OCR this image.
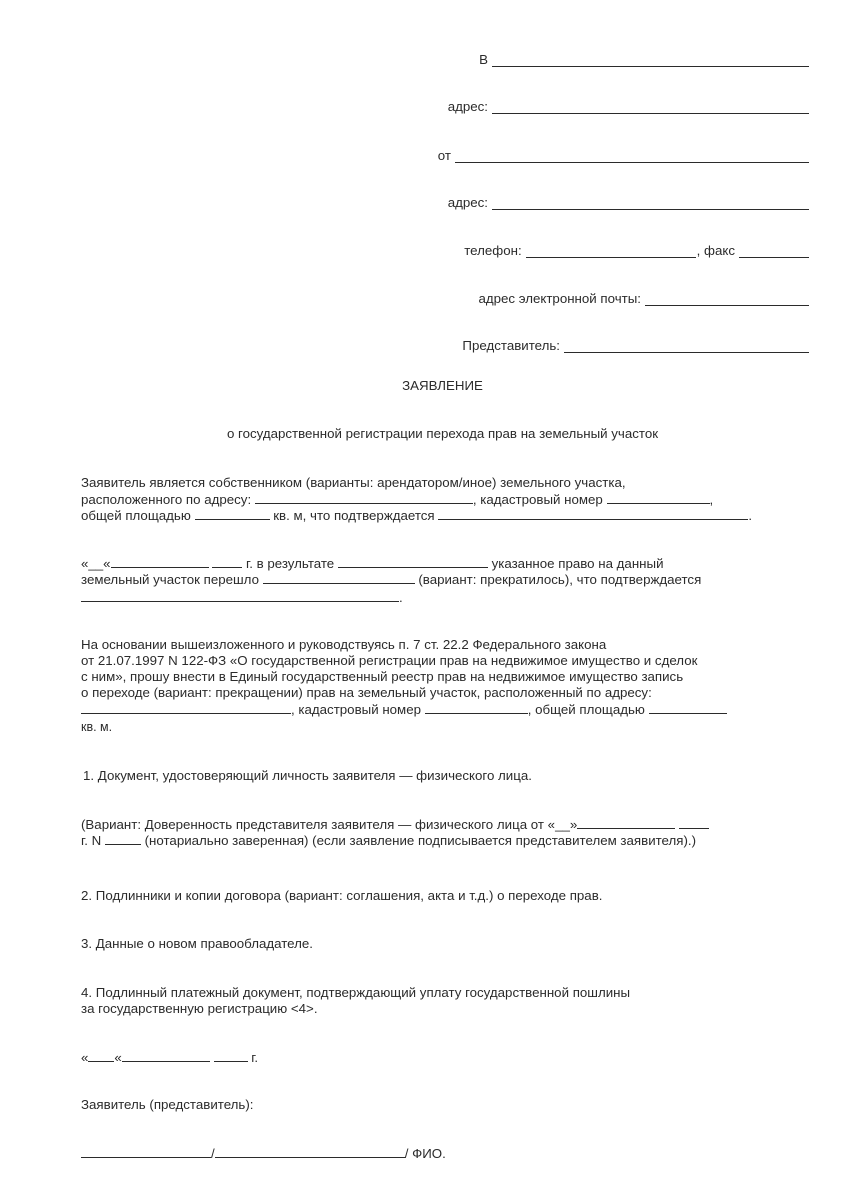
В
адрес:
от
адрес:
телефон:	, факс
адрес электронной почты:
Представитель:
ЗАЯВЛЕНИЕ
о государственной регистрации перехода прав на земельный участок
Заявитель является собственником (варианты: арендатором/иное) земельного участка,
расположенного по адресу:	, кадастровый номер	,
общей площадью	кв. м, что подтверждается	.
«__«	г. в результате	указанное право на данный
земельный участок перешло	(вариант: прекратилось), что подтверждается
.
На основании вышеизложенного и руководствуясь п. 7 ст. 22.2 Федерального закона
от 21.07.1997 N 122-ФЗ «О государственной регистрации прав на недвижимое имущество и сделок
с ним», прошу внести в Единый государственный реестр прав на недвижимое имущество запись
о переходе (вариант: прекращении) прав на земельный участок, расположенный по адресу:
, кадастровый номер	, общей площадью
кв. м.
1. Документ, удостоверяющий личность заявителя — физического лица.
(Вариант: Доверенность представителя заявителя — физического лица от «__»
г. N	(нотариально заверенная) (если заявление подписывается представителем заявителя).)
2. Подлинники и копии договора (вариант: соглашения, акта и т.д.) о переходе прав.
3. Данные о новом правообладателе.
4. Подлинный платежный документ, подтверждающий уплату государственной пошлины
за государственную регистрацию <4>.
« «	г.
Заявитель (представитель):
/	/ ФИО.
